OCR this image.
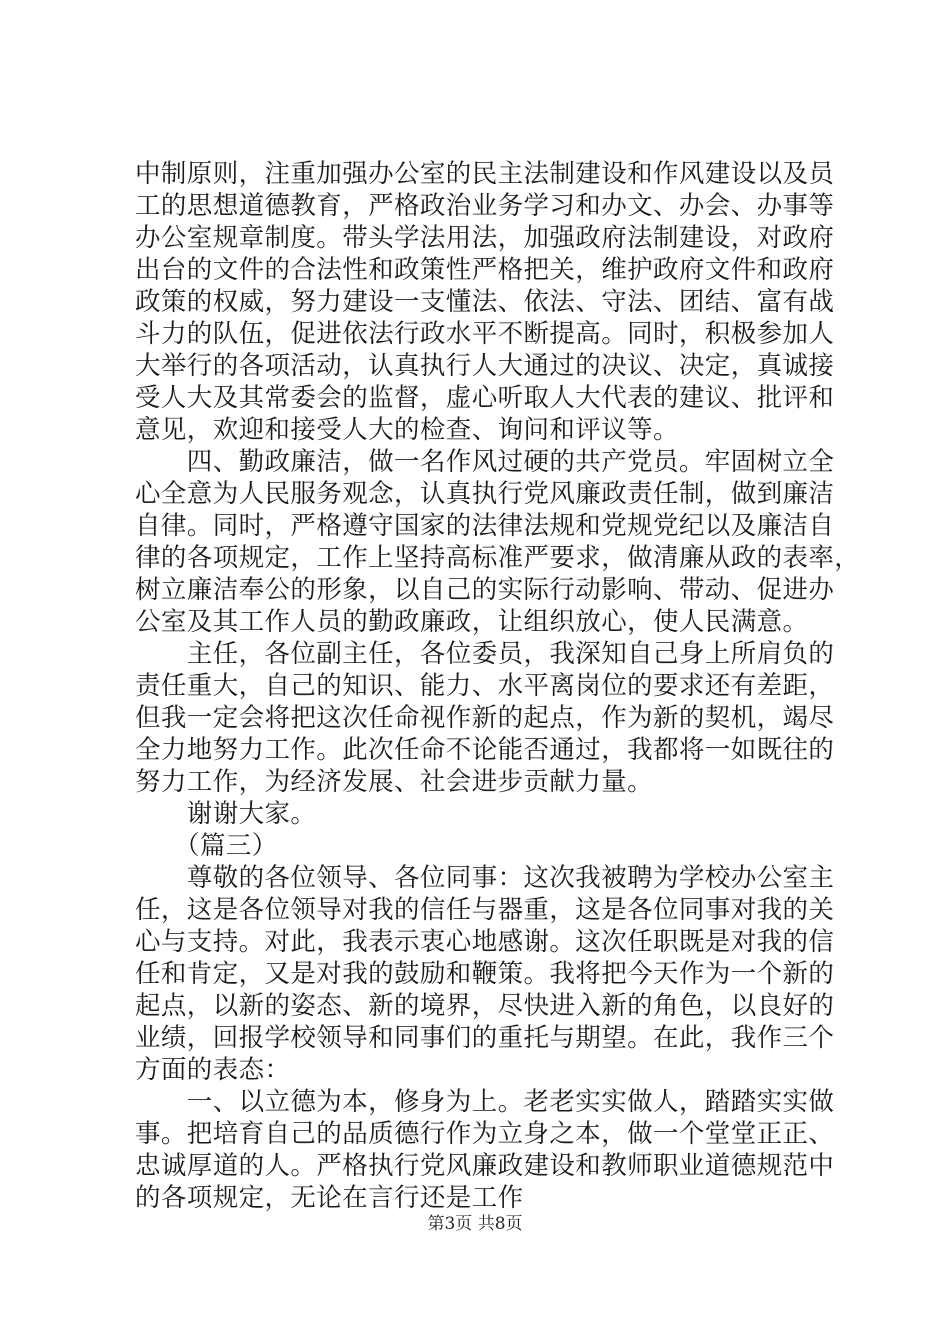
中制原则，注重加强办公室的民主法制建设和作风建设以及员
工的思想道德教育，严格政治业务学习和办文、办会、办事等
办公室规章制度。带头学法用法，加强政府法制建设，对政府
出台的文件的合法性和政策性严格把关，维护政府文件和政府
政策的权威，努力建设一支懂法、依法、守法、团结、富有战
斗力的队伍，促进依法行政水平不断提高。同时，积极参加人
大举行的各项活动，认真执行人大通过的决议、决定，真诚接
受人大及其常委会的监督，虚心听取人大代表的建议、批评和
意见，欢迎和接受人大的检查、询问和评议等。
　　四、勤政廉洁，做一名作风过硬的共产党员。牢固树立全
心全意为人民服务观念，认真执行党风廉政责任制，做到廉洁
自律。同时，严格遵守国家的法律法规和党规党纪以及廉洁自
律的各项规定，工作上坚持高标准严要求，做清廉从政的表率，
树立廉洁奉公的形象，以自己的实际行动影响、带动、促进办
公室及其工作人员的勤政廉政，让组织放心，使人民满意。
　　主任，各位副主任，各位委员，我深知自己身上所肩负的
责任重大，自己的知识、能力、水平离岗位的要求还有差距，
但我一定会将把这次任命视作新的起点，作为新的契机，竭尽
全力地努力工作。此次任命不论能否通过，我都将一如既往的
努力工作，为经济发展、社会进步贡献力量。
　　谢谢大家。
　　（篇三）
　　尊敬的各位领导、各位同事：这次我被聘为学校办公室主
任，这是各位领导对我的信任与器重，这是各位同事对我的关
心与支持。对此，我表示衷心地感谢。这次任职既是对我的信
任和肯定，又是对我的鼓励和鞭策。我将把今天作为一个新的
起点，以新的姿态、新的境界，尽快进入新的角色，以良好的
业绩，回报学校领导和同事们的重托与期望。在此，我作三个
方面的表态：
　　一、以立德为本，修身为上。老老实实做人，踏踏实实做
事。把培育自己的品质德行作为立身之本，做一个堂堂正正、
忠诚厚道的人。严格执行党风廉政建设和教师职业道德规范中
的各项规定，无论在言行还是工作
第3页 共8页
